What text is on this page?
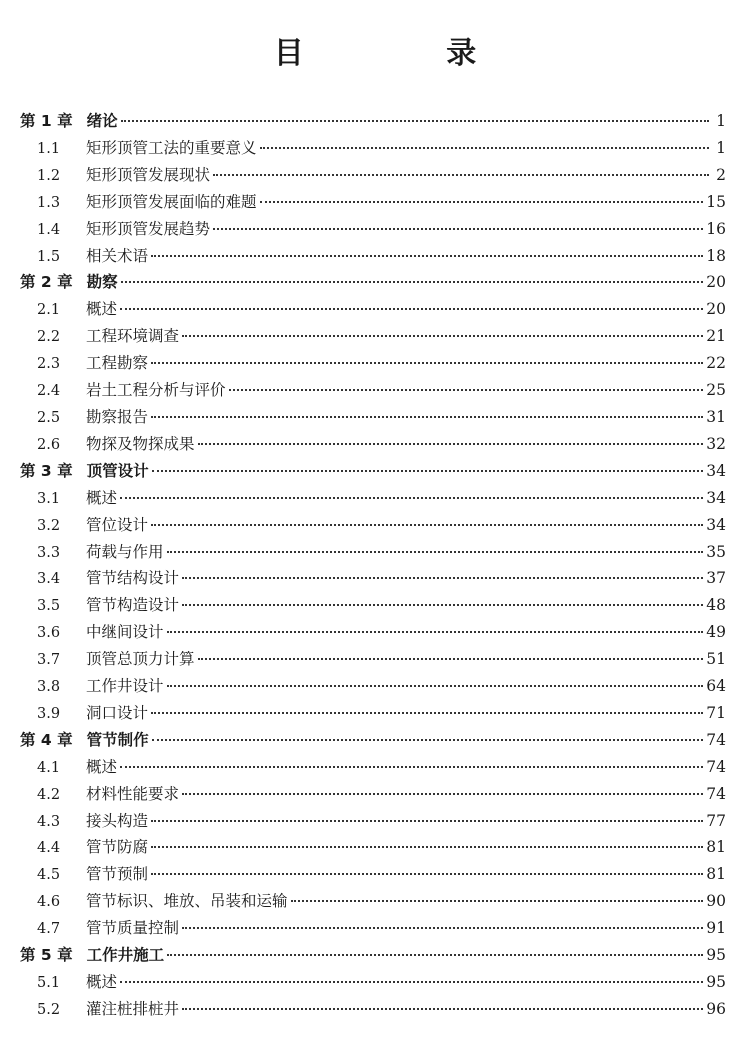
目 录
第 1 章 绪论	1
1.1	矩形顶管工法的重要意义	1
1.2	矩形顶管发展现状	2
1.3	矩形顶管发展面临的难题	15
1.4	矩形顶管发展趋势	16
1.5	相关术语	18
第 2 章 勘察	20
2.1	概述	20
2.2	工程环境调查	21
2.3	工程勘察	22
2.4	岩土工程分析与评价	25
2.5	勘察报告	31
2.6	物探及物探成果	32
第 3 章 顶管设计	34
3.1	概述	34
3.2	管位设计	34
3.3	荷载与作用	35
3.4	管节结构设计	37
3.5	管节构造设计	48
3.6	中继间设计	49
3.7	顶管总顶力计算	51
3.8	工作井设计	64
3.9	洞口设计	71
第 4 章 管节制作	74
4.1	概述	74
4.2	材料性能要求	74
4.3	接头构造	77
4.4	管节防腐	81
4.5	管节预制	81
4.6	管节标识、堆放、吊装和运输	90
4.7	管节质量控制	91
第 5 章 工作井施工	95
5.1	概述	95
5.2	灌注桩排桩井	96
